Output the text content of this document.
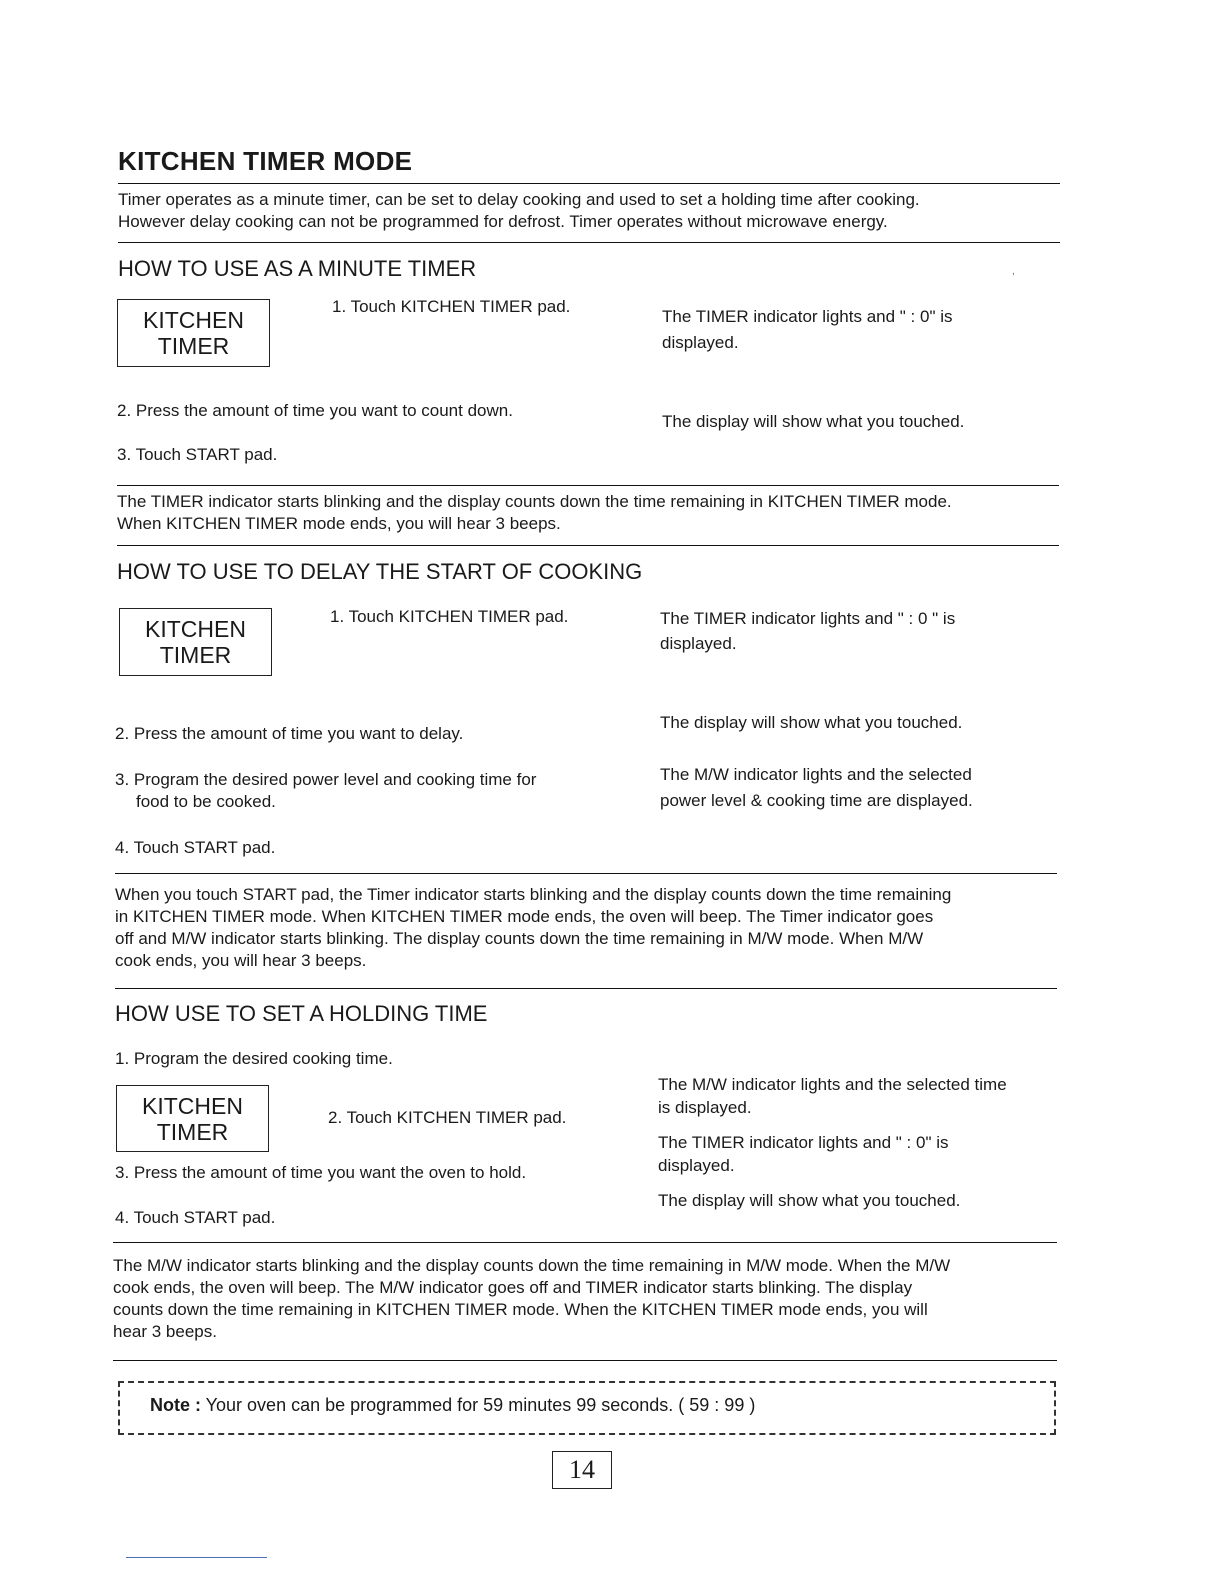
KITCHEN TIMER MODE
Timer operates as a minute timer, can be set to delay cooking and used to set a holding time after cooking.
However delay cooking can not be programmed for defrost. Timer operates without microwave energy.
,
HOW TO USE AS A MINUTE TIMER
KITCHEN
TIMER
1. Touch KITCHEN TIMER pad.
The TIMER indicator lights and " : 0" is
displayed.
2. Press the amount of time you want to count down.
The display will show what you touched.
3. Touch START pad.
The TIMER indicator starts blinking and the display counts down the time remaining in KITCHEN TIMER mode.
When KITCHEN TIMER mode ends, you will hear 3 beeps.
HOW TO USE TO DELAY THE START OF COOKING
KITCHEN
TIMER
1. Touch KITCHEN TIMER pad.	The TIMER indicator lights and " : 0 " is
displayed.
2. Press the amount of time you want to delay.
The display will show what you touched.
3. Program the desired power level and cooking time for
food to be cooked.
The M/W indicator lights and the selected
power level & cooking time are displayed.
4. Touch START pad.
When you touch START pad, the Timer indicator starts blinking and the display counts down the time remaining
in KITCHEN TIMER mode. When KITCHEN TIMER mode ends, the oven will beep. The Timer indicator goes
off and M/W indicator starts blinking. The display counts down the time remaining in M/W mode. When M/W
cook ends, you will hear 3 beeps.
HOW USE TO SET A HOLDING TIME
1. Program the desired cooking time.
KITCHEN
TIMER
2. Touch KITCHEN TIMER pad.
The M/W indicator lights and the selected time
is displayed.
The TIMER indicator lights and " : 0" is
displayed.
The display will show what you touched.
3. Press the amount of time you want the oven to hold.
4. Touch START pad.
The M/W indicator starts blinking and the display counts down the time remaining in M/W mode. When the M/W
cook ends, the oven will beep. The M/W indicator goes off and TIMER indicator starts blinking. The display
counts down the time remaining in KITCHEN TIMER mode. When the KITCHEN TIMER mode ends, you will
hear 3 beeps.
Note : Your oven can be programmed for 59 minutes 99 seconds. ( 59 : 99 )
14
